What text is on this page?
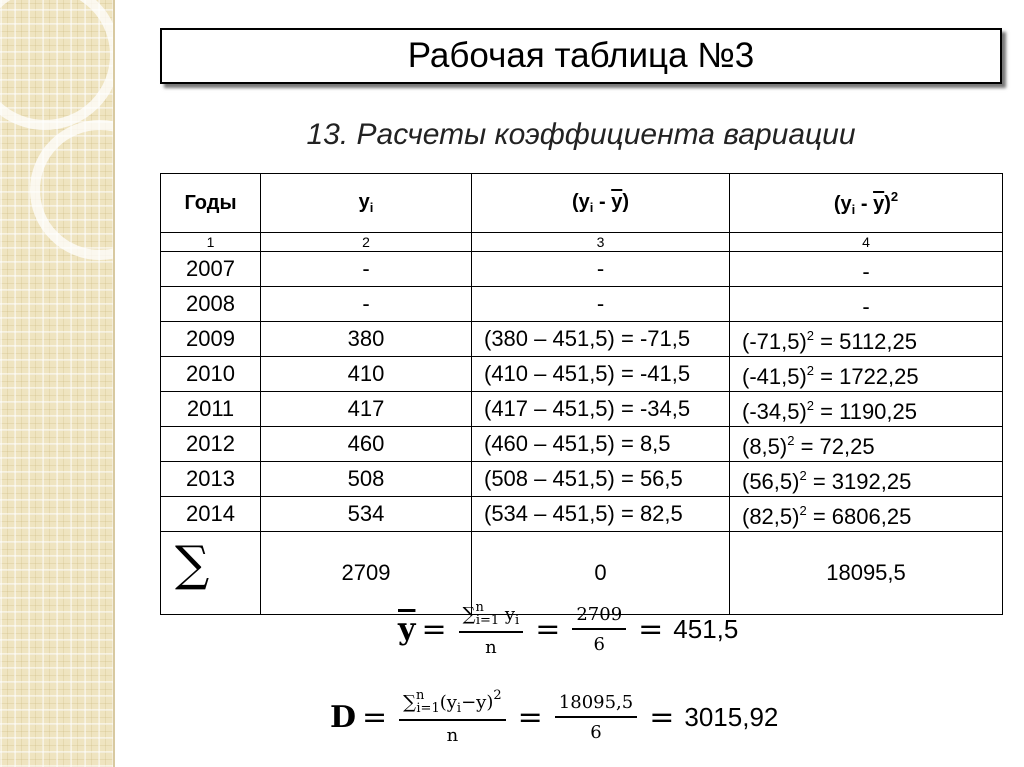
Рабочая таблица №3
13. Расчеты коэффициента вариации
Годы	$y_i$	$(y_i - \overline{y})$	$(y_i - \overline{y})^2$
1	2	3	4
2007	-	-	-
2008	-	-	-
2009	380	(380 – 451,5) = -71,5	$(-71,5)^2 = 5112,25$
2010	410	(410 – 451,5) = -41,5	$(-41,5)^2 = 1722,25$
2011	417	(417 – 451,5) = -34,5	$(-34,5)^2 = 1190,25$
2012	460	(460 – 451,5) = 8,5	$(8,5)^2 = 72,25$
2013	508	(508 – 451,5) = 56,5	$(56,5)^2 = 3192,25$
2014	534	(534 – 451,5) = 82,5	$(82,5)^2 = 6806,25$

∑	2709	0	18095,5
$\overline{y} = \frac{\sum^n_{i=1} y_i}{n} = \frac{2709}{6} = 451,5$
$D = \frac{\sum^n_{i=1}(y_i-y)^2}{n} = \frac{18095,5}{6} = 3015,92$
